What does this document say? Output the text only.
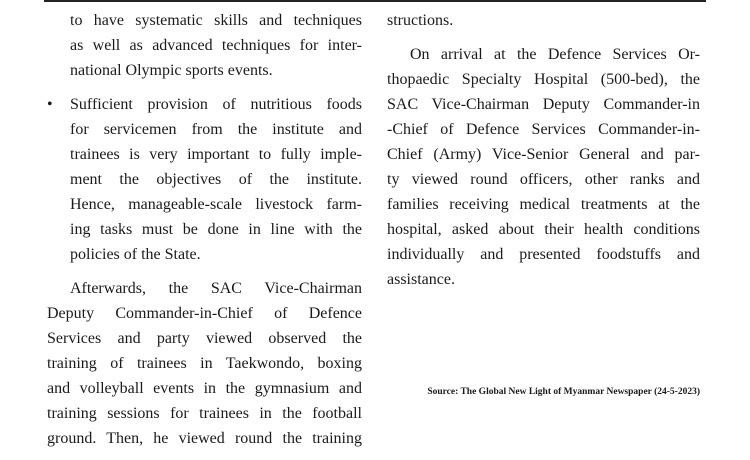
to have systematic skills and techniques
as well as advanced techniques for inter-
national Olympic sports events.
•	Sufficient provision of nutritious foods
for servicemen from the institute and
trainees is very important to fully imple-
ment the objectives of the institute.
Hence, manageable-scale livestock farm-
ing tasks must be done in line with the
policies of the State.
Afterwards, the SAC Vice-Chairman
Deputy Commander-in-Chief of Defence
Services and party viewed observed the
training of trainees in Taekwondo, boxing
and volleyball events in the gymnasium and
training sessions for trainees in the football
ground. Then, he viewed round the training
structions.
On arrival at the Defence Services Or-
thopaedic Specialty Hospital (500-bed), the
SAC Vice-Chairman Deputy Commander-in
-Chief of Defence Services Commander-in-
Chief (Army) Vice-Senior General and par-
ty viewed round officers, other ranks and
families receiving medical treatments at the
hospital, asked about their health conditions
individually and presented foodstuffs and
assistance.
Source: The Global New Light of Myanmar Newspaper (24-5-2023)
